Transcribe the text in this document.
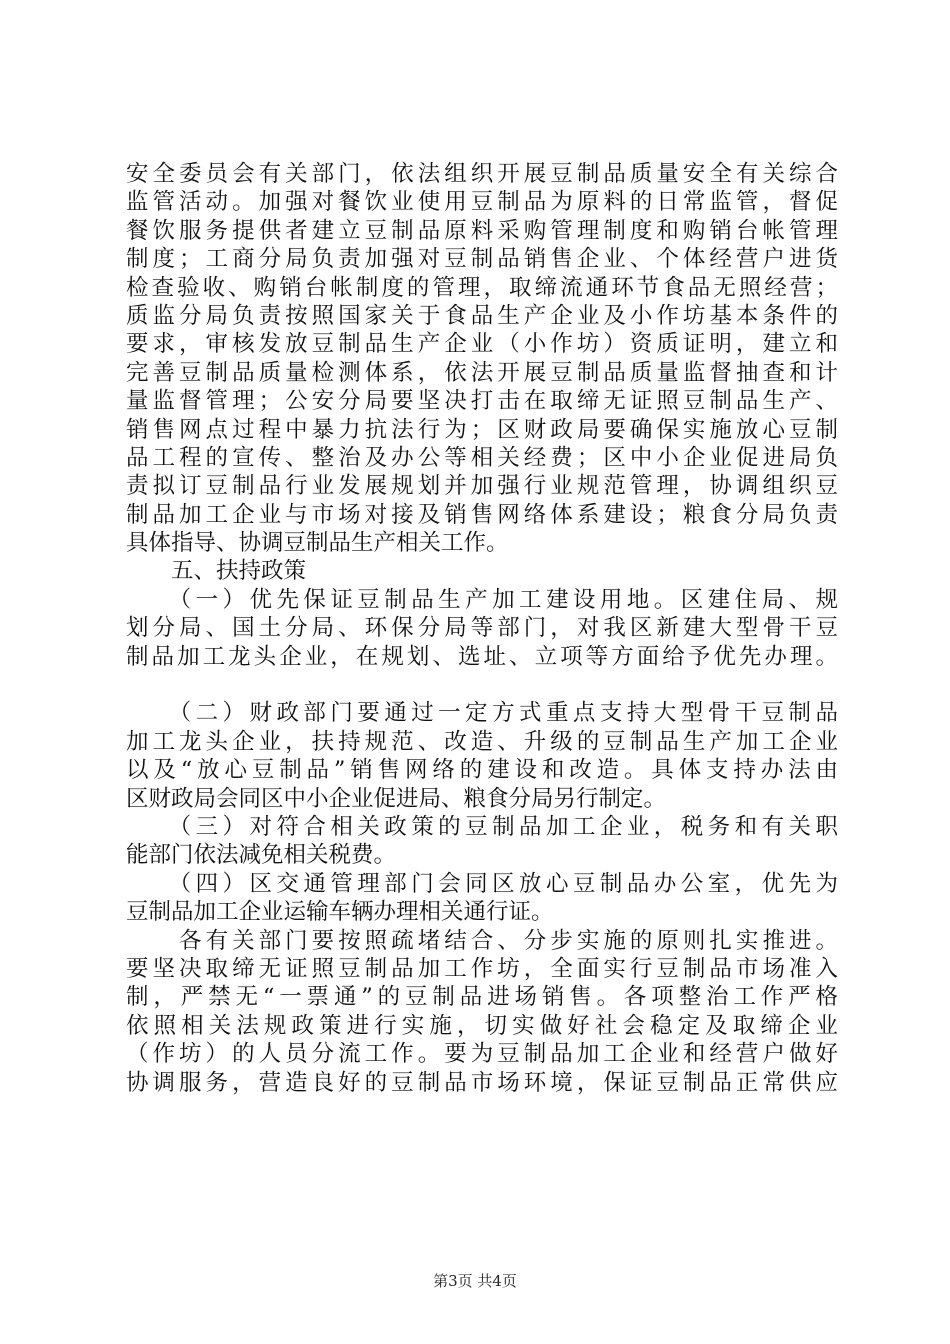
安全委员会有关部门，依法组织开展豆制品质量安全有关综合
监管活动。加强对餐饮业使用豆制品为原料的日常监管，督促
餐饮服务提供者建立豆制品原料采购管理制度和购销台帐管理
制度；工商分局负责加强对豆制品销售企业、个体经营户进货
检查验收、购销台帐制度的管理，取缔流通环节食品无照经营；
质监分局负责按照国家关于食品生产企业及小作坊基本条件的
要求，审核发放豆制品生产企业（小作坊）资质证明，建立和
完善豆制品质量检测体系，依法开展豆制品质量监督抽查和计
量监督管理；公安分局要坚决打击在取缔无证照豆制品生产、
销售网点过程中暴力抗法行为；区财政局要确保实施放心豆制
品工程的宣传、整治及办公等相关经费；区中小企业促进局负
责拟订豆制品行业发展规划并加强行业规范管理，协调组织豆
制品加工企业与市场对接及销售网络体系建设；粮食分局负责
具体指导、协调豆制品生产相关工作。
　　五、扶持政策
　　（一）优先保证豆制品生产加工建设用地。区建住局、规
划分局、国土分局、环保分局等部门，对我区新建大型骨干豆
制品加工龙头企业，在规划、选址、立项等方面给予优先办理。
　　（二）财政部门要通过一定方式重点支持大型骨干豆制品
加工龙头企业，扶持规范、改造、升级的豆制品生产加工企业
以及“放心豆制品”销售网络的建设和改造。具体支持办法由
区财政局会同区中小企业促进局、粮食分局另行制定。
　　（三）对符合相关政策的豆制品加工企业，税务和有关职
能部门依法减免相关税费。
　　（四）区交通管理部门会同区放心豆制品办公室，优先为
豆制品加工企业运输车辆办理相关通行证。
　　各有关部门要按照疏堵结合、分步实施的原则扎实推进。
要坚决取缔无证照豆制品加工作坊，全面实行豆制品市场准入
制，严禁无“一票通”的豆制品进场销售。各项整治工作严格
依照相关法规政策进行实施，切实做好社会稳定及取缔企业
（作坊）的人员分流工作。要为豆制品加工企业和经营户做好
协调服务，营造良好的豆制品市场环境，保证豆制品正常供应
第3页 共4页
